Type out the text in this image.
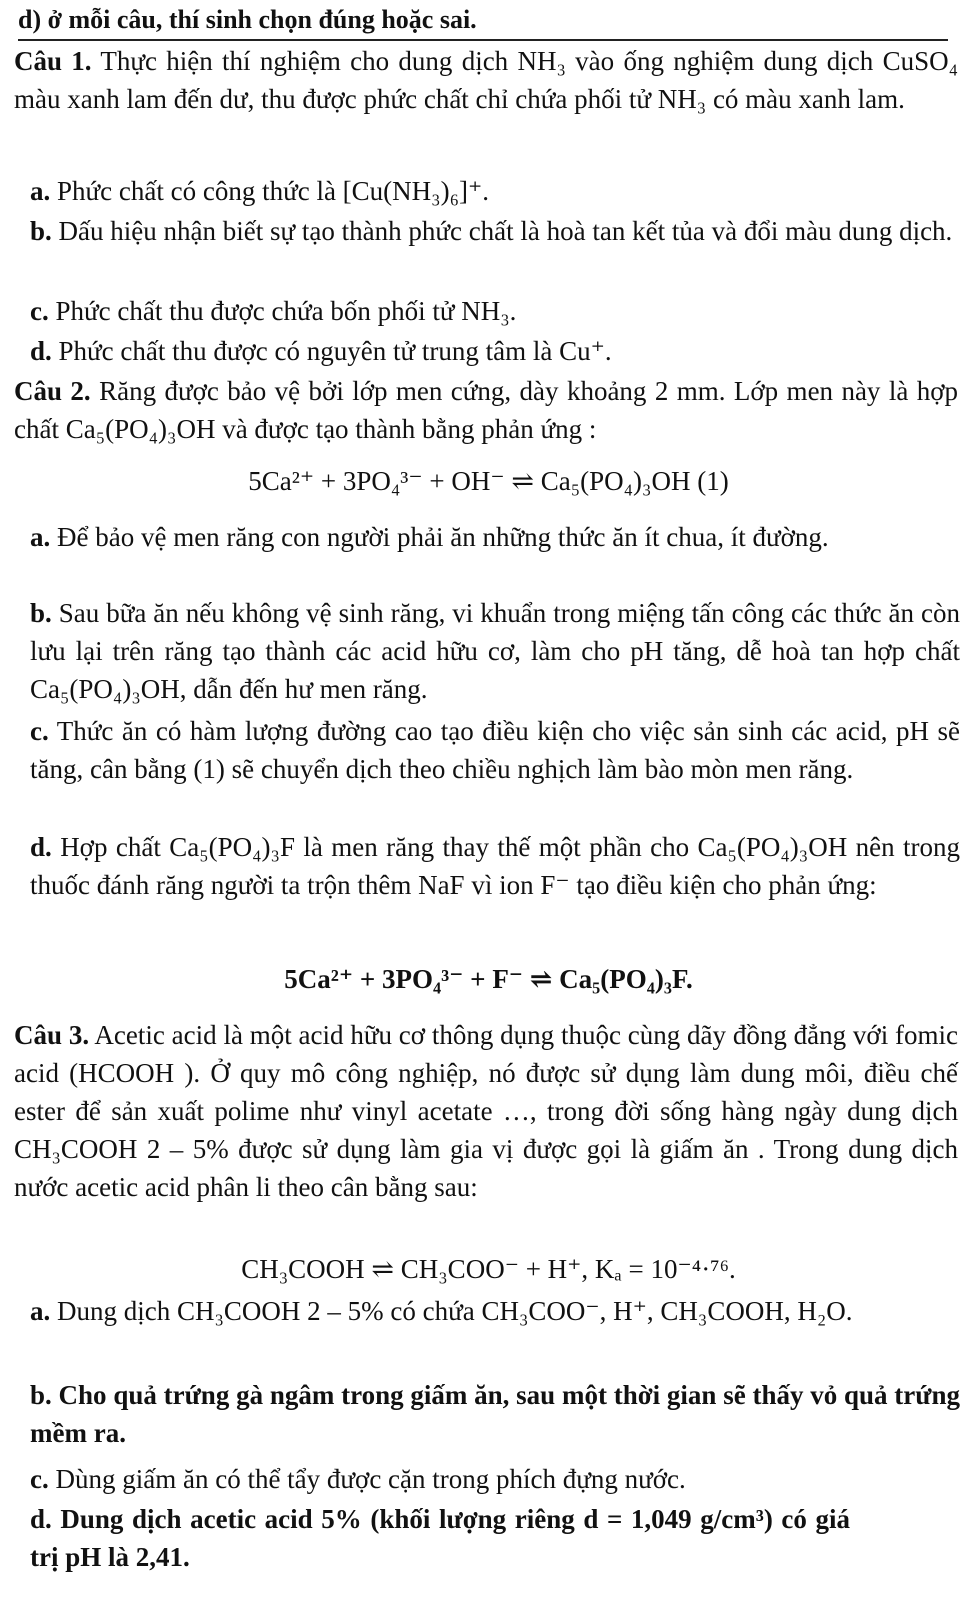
d) ở mỗi câu, thí sinh chọn đúng hoặc sai.
Câu 1. Thực hiện thí nghiệm cho dung dịch NH₃ vào ống nghiệm dung dịch CuSO₄ màu xanh lam đến dư, thu được phức chất chỉ chứa phối tử NH₃ có màu xanh lam.
a. Phức chất có công thức là [Cu(NH₃)₆]⁺.
b. Dấu hiệu nhận biết sự tạo thành phức chất là hoà tan kết tủa và đổi màu dung dịch.
c. Phức chất thu được chứa bốn phối tử NH₃.
d. Phức chất thu được có nguyên tử trung tâm là Cu⁺.
Câu 2. Răng được bảo vệ bởi lớp men cứng, dày khoảng 2 mm. Lớp men này là hợp chất Ca₅(PO₄)₃OH và được tạo thành bằng phản ứng :
5Ca²⁺ + 3PO₄³⁻ + OH⁻ ⇌ Ca₅(PO₄)₃OH (1)
a. Để bảo vệ men răng con người phải ăn những thức ăn ít chua, ít đường.
b. Sau bữa ăn nếu không vệ sinh răng, vi khuẩn trong miệng tấn công các thức ăn còn lưu lại trên răng tạo thành các acid hữu cơ, làm cho pH tăng, dễ hoà tan hợp chất Ca₅(PO₄)₃OH, dẫn đến hư men răng.
c. Thức ăn có hàm lượng đường cao tạo điều kiện cho việc sản sinh các acid, pH sẽ tăng, cân bằng (1) sẽ chuyển dịch theo chiều nghịch làm bào mòn men răng.
d. Hợp chất Ca₅(PO₄)₃F là men răng thay thế một phần cho Ca₅(PO₄)₃OH nên trong thuốc đánh răng người ta trộn thêm NaF vì ion F⁻ tạo điều kiện cho phản ứng:
5Ca²⁺ + 3PO₄³⁻ + F⁻ ⇌ Ca₅(PO₄)₃F.
Câu 3. Acetic acid là một acid hữu cơ thông dụng thuộc cùng dãy đồng đẳng với fomic acid (HCOOH ). Ở quy mô công nghiệp, nó được sử dụng làm dung môi, điều chế ester để sản xuất polime như vinyl acetate …, trong đời sống hàng ngày dung dịch CH₃COOH 2 – 5% được sử dụng làm gia vị được gọi là giấm ăn . Trong dung dịch nước acetic acid phân li theo cân bằng sau:
CH₃COOH ⇌ CH₃COO⁻ + H⁺, Kₐ = 10⁻⁴·⁷⁶.
a. Dung dịch CH₃COOH 2 – 5% có chứa CH₃COO⁻, H⁺, CH₃COOH, H₂O.
b. Cho quả trứng gà ngâm trong giấm ăn, sau một thời gian sẽ thấy vỏ quả trứng mềm ra.
c. Dùng giấm ăn có thể tẩy được cặn trong phích đựng nước.
d. Dung dịch acetic acid 5% (khối lượng riêng d = 1,049 g/cm³) có giá trị pH là 2,41.
